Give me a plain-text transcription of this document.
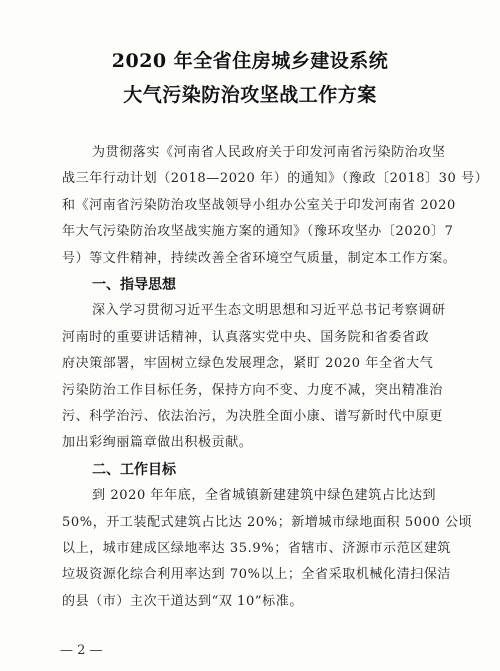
2020 年全省住房城乡建设系统
大气污染防治攻坚战工作方案
为贯彻落实《河南省人民政府关于印发河南省污染防治攻坚
战三年行动计划（2018—2020 年）的通知》（豫政〔2018〕30 号）
和《河南省污染防治攻坚战领导小组办公室关于印发河南省 2020
年大气污染防治攻坚战实施方案的通知》（豫环攻坚办〔2020〕7
号）等文件精神，持续改善全省环境空气质量，制定本工作方案。
一、指导思想
深入学习贯彻习近平生态文明思想和习近平总书记考察调研
河南时的重要讲话精神，认真落实党中央、国务院和省委省政
府决策部署，牢固树立绿色发展理念，紧盯 2020 年全省大气
污染防治工作目标任务，保持方向不变、力度不减，突出精准治
污、科学治污、依法治污，为决胜全面小康、谱写新时代中原更
加出彩绚丽篇章做出积极贡献。
二、工作目标
到 2020 年年底，全省城镇新建建筑中绿色建筑占比达到
50%，开工装配式建筑占比达 20%；新增城市绿地面积 5000 公顷
以上，城市建成区绿地率达 35.9%；省辖市、济源市示范区建筑
垃圾资源化综合利用率达到 70%以上；全省采取机械化清扫保洁
的县（市）主次干道达到“双 10”标准。
— 2 —
